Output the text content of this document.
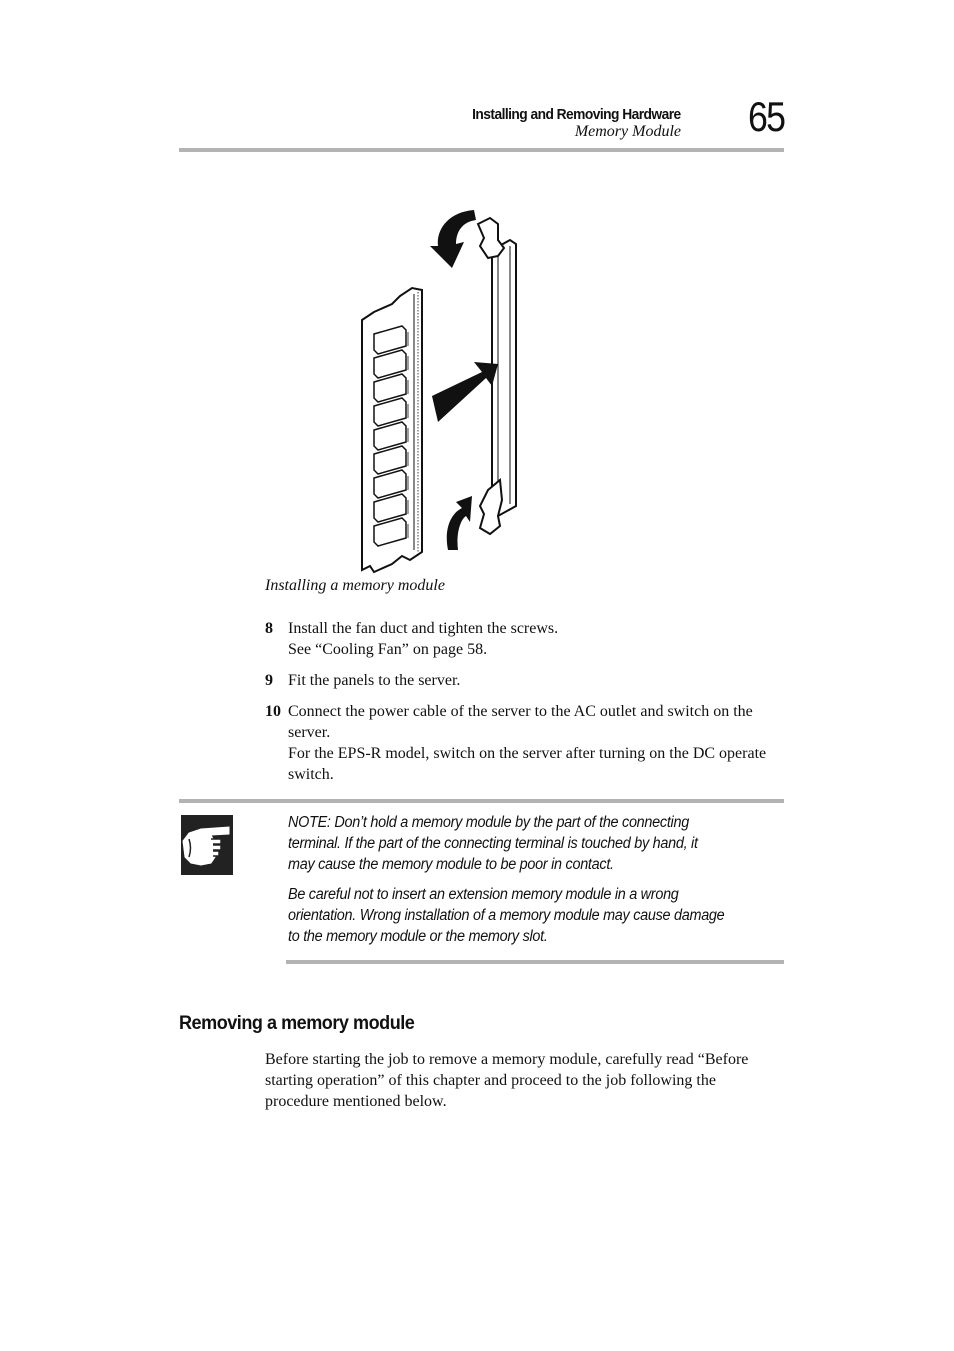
Installing and Removing Hardware
Memory Module 65
Installing a memory module
8 Install the fan duct and tighten the screws.
See “Cooling Fan” on page 58.
9 Fit the panels to the server.
10 Connect the power cable of the server to the AC outlet and switch on the server.
For the EPS-R model, switch on the server after turning on the DC operate switch.
NOTE: Don’t hold a memory module by the part of the connecting terminal. If the part of the connecting terminal is touched by hand, it may cause the memory module to be poor in contact.
Be careful not to insert an extension memory module in a wrong orientation. Wrong installation of a memory module may cause damage to the memory module or the memory slot.
Removing a memory module
Before starting the job to remove a memory module, carefully read “Before starting operation” of this chapter and proceed to the job following the procedure mentioned below.
